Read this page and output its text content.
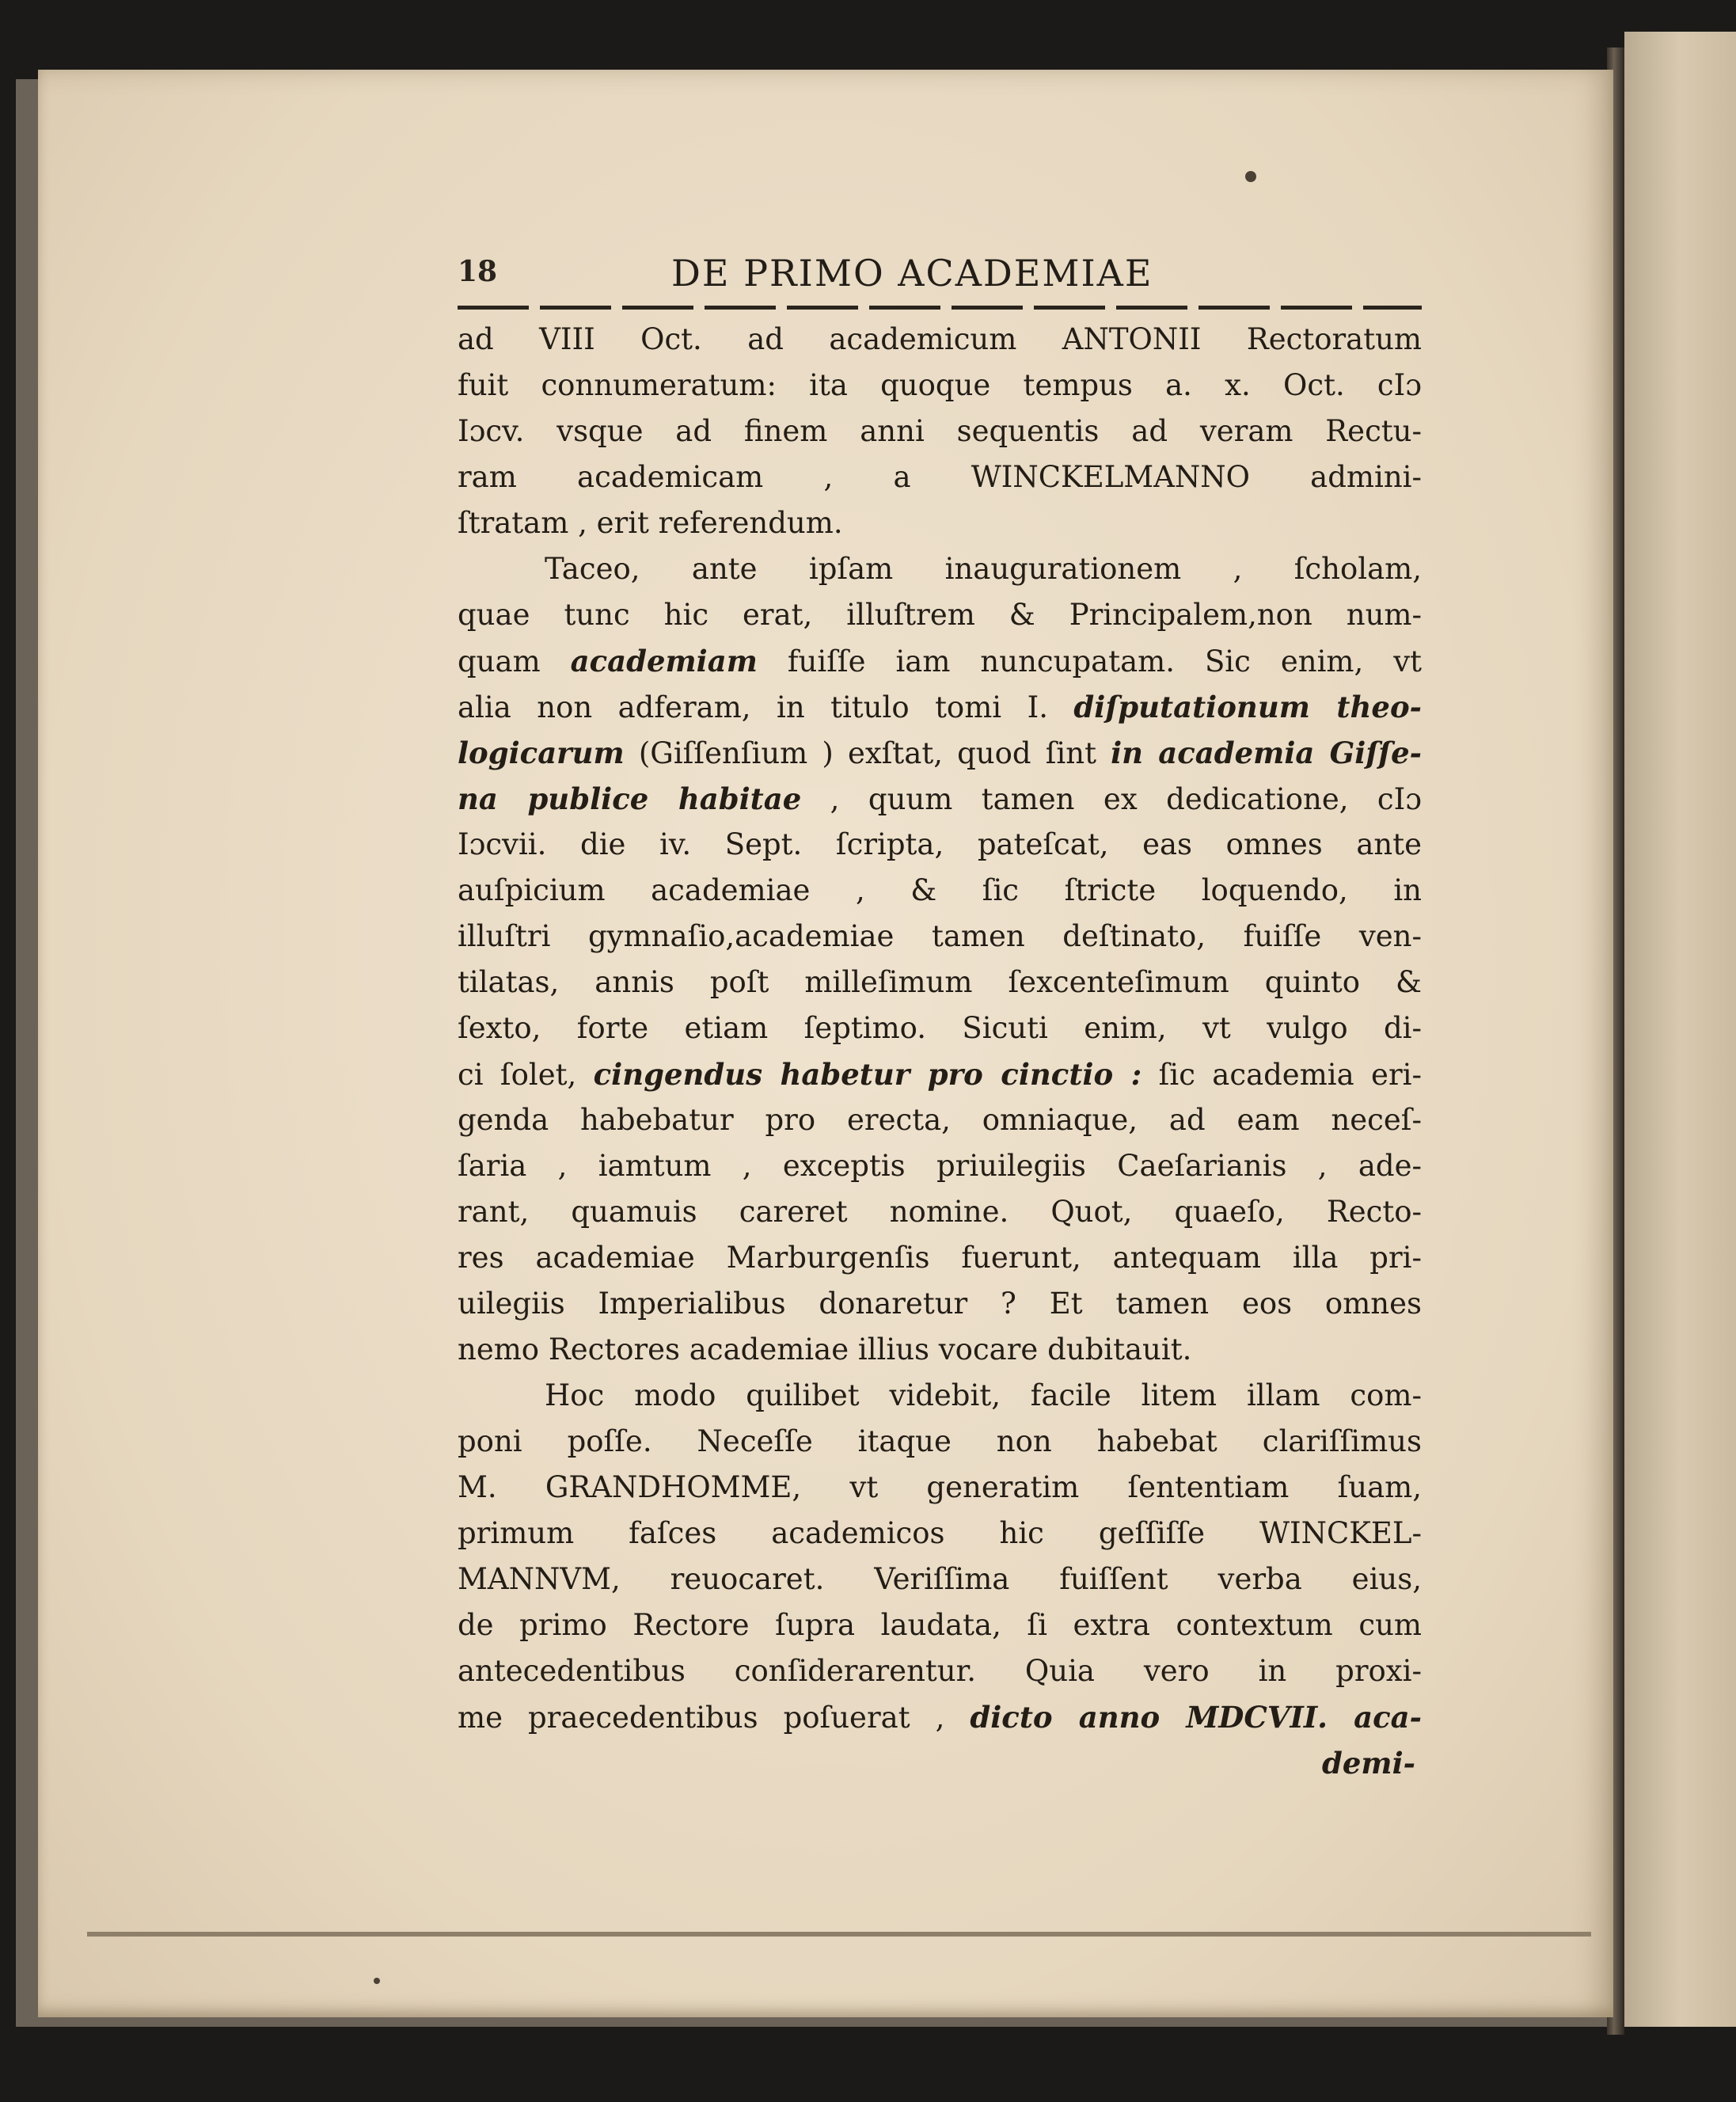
18	DE PRIMO ACADEMIAE
ad VIII Oct. ad academicum ANTONII Rectoratum
fuit connumeratum: ita quoque tempus a. x. Oct. cIɔ
Iɔcv. vsque ad finem anni sequentis ad veram Rectu-
ram academicam , a WINCKELMANNO admini-
ſtratam , erit referendum.
Taceo, ante ipſam inaugurationem , ſcholam,
quae tunc hic erat, illuſtrem & Principalem,non num-
quam academiam fuiſſe iam nuncupatam. Sic enim, vt
alia non adferam, in titulo tomi I. diſputationum theo-
logicarum (Giſſenſium ) exſtat, quod ſint in academia Giſſe-
na publice habitae , quum tamen ex dedicatione, cIɔ
Iɔcvii. die iv. Sept. ſcripta, pateſcat, eas omnes ante
auſpicium academiae , & ſic ſtricte loquendo, in
illuſtri gymnaſio,academiae tamen deſtinato, fuiſſe ven-
tilatas, annis poſt milleſimum ſexcenteſimum quinto &
ſexto, forte etiam ſeptimo. Sicuti enim, vt vulgo di-
ci ſolet, cingendus habetur pro cinctio : ſic academia eri-
genda habebatur pro erecta, omniaque, ad eam neceſ-
ſaria , iamtum , exceptis priuilegiis Caeſarianis , ade-
rant, quamuis careret nomine. Quot, quaeſo, Recto-
res academiae Marburgenſis fuerunt, antequam illa pri-
uilegiis Imperialibus donaretur ? Et tamen eos omnes
nemo Rectores academiae illius vocare dubitauit.
Hoc modo quilibet videbit, facile litem illam com-
poni poſſe. Neceſſe itaque non habebat clariſſimus
M. GRANDHOMME, vt generatim ſententiam ſuam,
primum faſces academicos hic geſſiſſe WINCKEL-
MANNVM, reuocaret. Veriſſima fuiſſent verba eius,
de primo Rectore ſupra laudata, ſi extra contextum cum
antecedentibus conſiderarentur. Quia vero in proxi-
me praecedentibus poſuerat , dicto anno MDCVII. aca-
demi-
